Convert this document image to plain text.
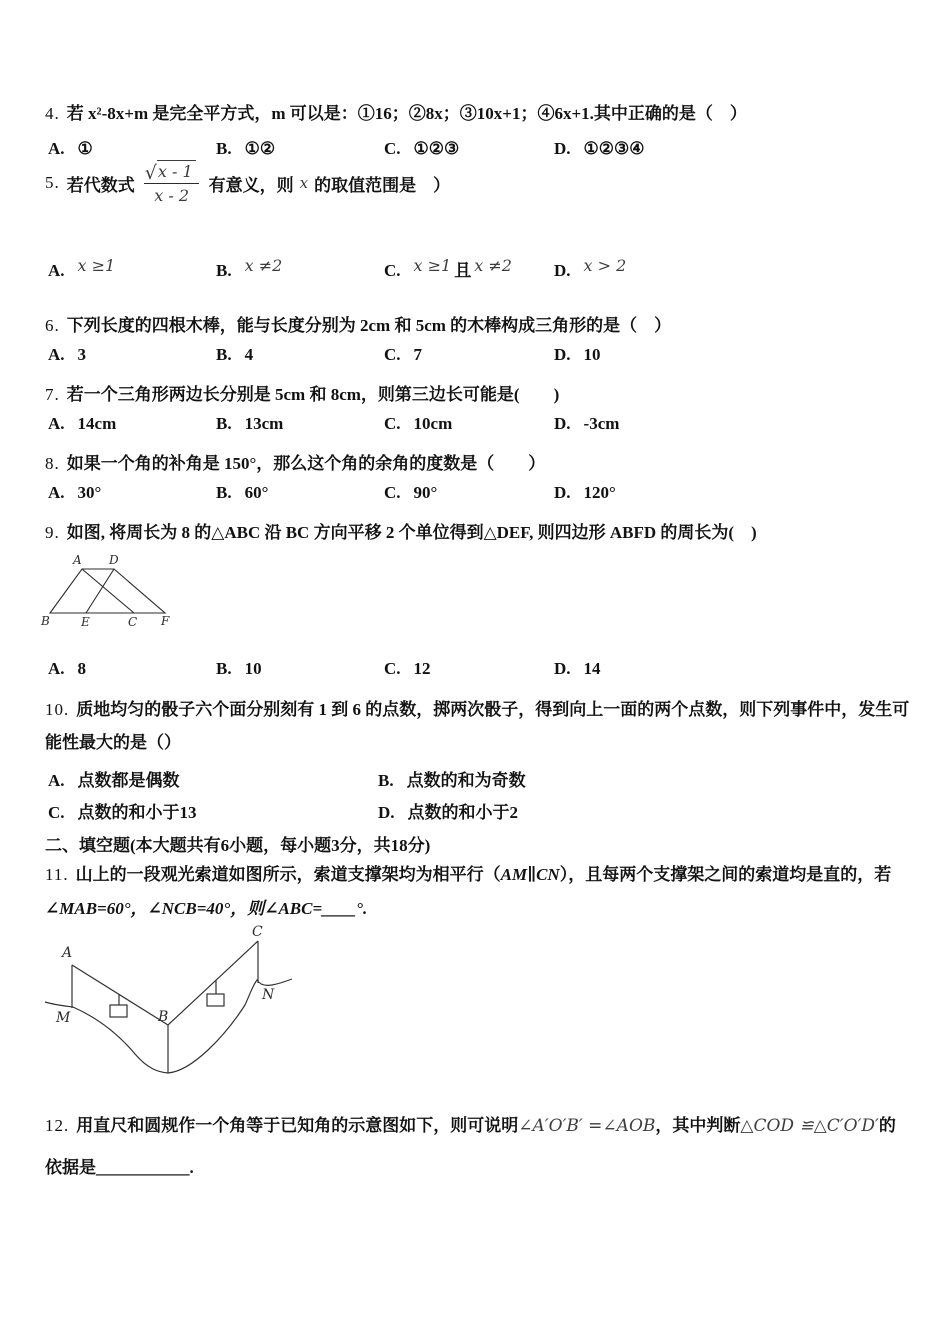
4. 若 x²-8x+m 是完全平方式，m 可以是：①16；②8x；③10x+1；④6x+1.其中正确的是（　）
A. ①	B. ①②	C. ①②③	D. ①②③④
5. 若代数式 $\frac{√ x - 1}{x - 2}$ 有意义，则 x 的取值范围是　）
A. x ≥1	B. x ≠2	C. x ≥1 且 x ≠2	D. x > 2
6. 下列长度的四根木棒，能与长度分别为 2cm 和 5cm 的木棒构成三角形的是（　）
A. 3	B. 4	C. 7	D. 10
7. 若一个三角形两边长分别是 5cm 和 8cm，则第三边长可能是(　　)
A. 14cm	B. 13cm	C. 10cm	D. -3cm
8. 如果一个角的补角是 150°，那么这个角的余角的度数是（　　）
A. 30°	B. 60°	C. 90°	D. 120°
9. 如图, 将周长为 8 的△ABC 沿 BC 方向平移 2 个单位得到△DEF, 则四边形 ABFD 的周长为(　)
A D
B	E	C F
A. 8	B. 10	C. 12	D. 14
10. 质地均匀的骰子六个面分别刻有 1 到 6 的点数，掷两次骰子，得到向上一面的两个点数，则下列事件中，发生可
能性最大的是（）
A. 点数都是偶数	B. 点数的和为奇数
C. 点数的和小于13	D. 点数的和小于2
二、填空题(本大题共有6小题，每小题3分，共18分)
11. 山上的一段观光索道如图所示，索道支撑架均为相平行（AM∥CN），且每两个支撑架之间的索道均是直的，若
∠MAB=60°，∠NCB=40°，则∠ABC=____°.
A
M	B
C
N
12. 用直尺和圆规作一个角等于已知角的示意图如下，则可说明∠A′O′B′ =∠AOB，其中判断△COD ≌△C′O′D′的
依据是___________.
